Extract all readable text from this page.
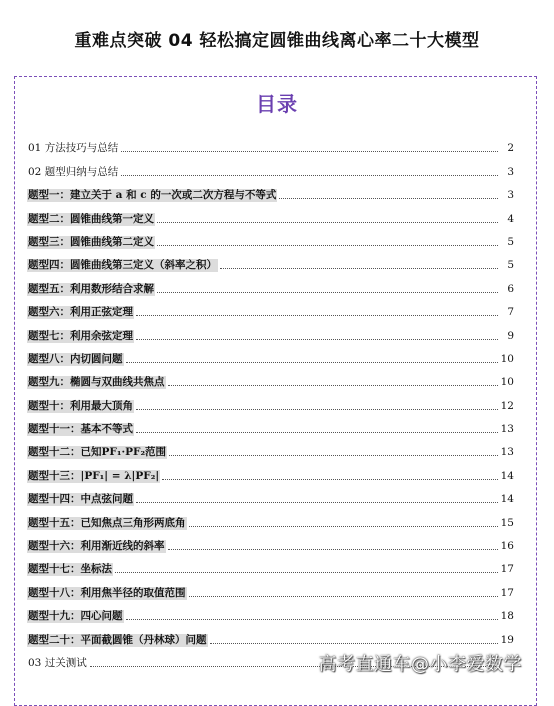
重难点突破 04 轻松搞定圆锥曲线离心率二十大模型
目录
01 方法技巧与总结	2
02 题型归纳与总结	3
题型一：建立关于 a 和 c 的一次或二次方程与不等式	3
题型二：圆锥曲线第一定义	4
题型三：圆锥曲线第二定义	5
题型四：圆锥曲线第三定义（斜率之积）	5
题型五：利用数形结合求解	6
题型六：利用正弦定理	7
题型七：利用余弦定理	9
题型八：内切圆问题	10
题型九：椭圆与双曲线共焦点	10
题型十：利用最大顶角	12
题型十一：基本不等式	13
题型十二：已知PF₁·PF₂范围	13
题型十三：|PF₁| = λ|PF₂|	14
题型十四：中点弦问题	14
题型十五：已知焦点三角形两底角	15
题型十六：利用渐近线的斜率	16
题型十七：坐标法	17
题型十八：利用焦半径的取值范围	17
题型十九：四心问题	18
题型二十：平面截圆锥（丹林球）问题	19
03 过关测试	高考直通车@小李爱数学
